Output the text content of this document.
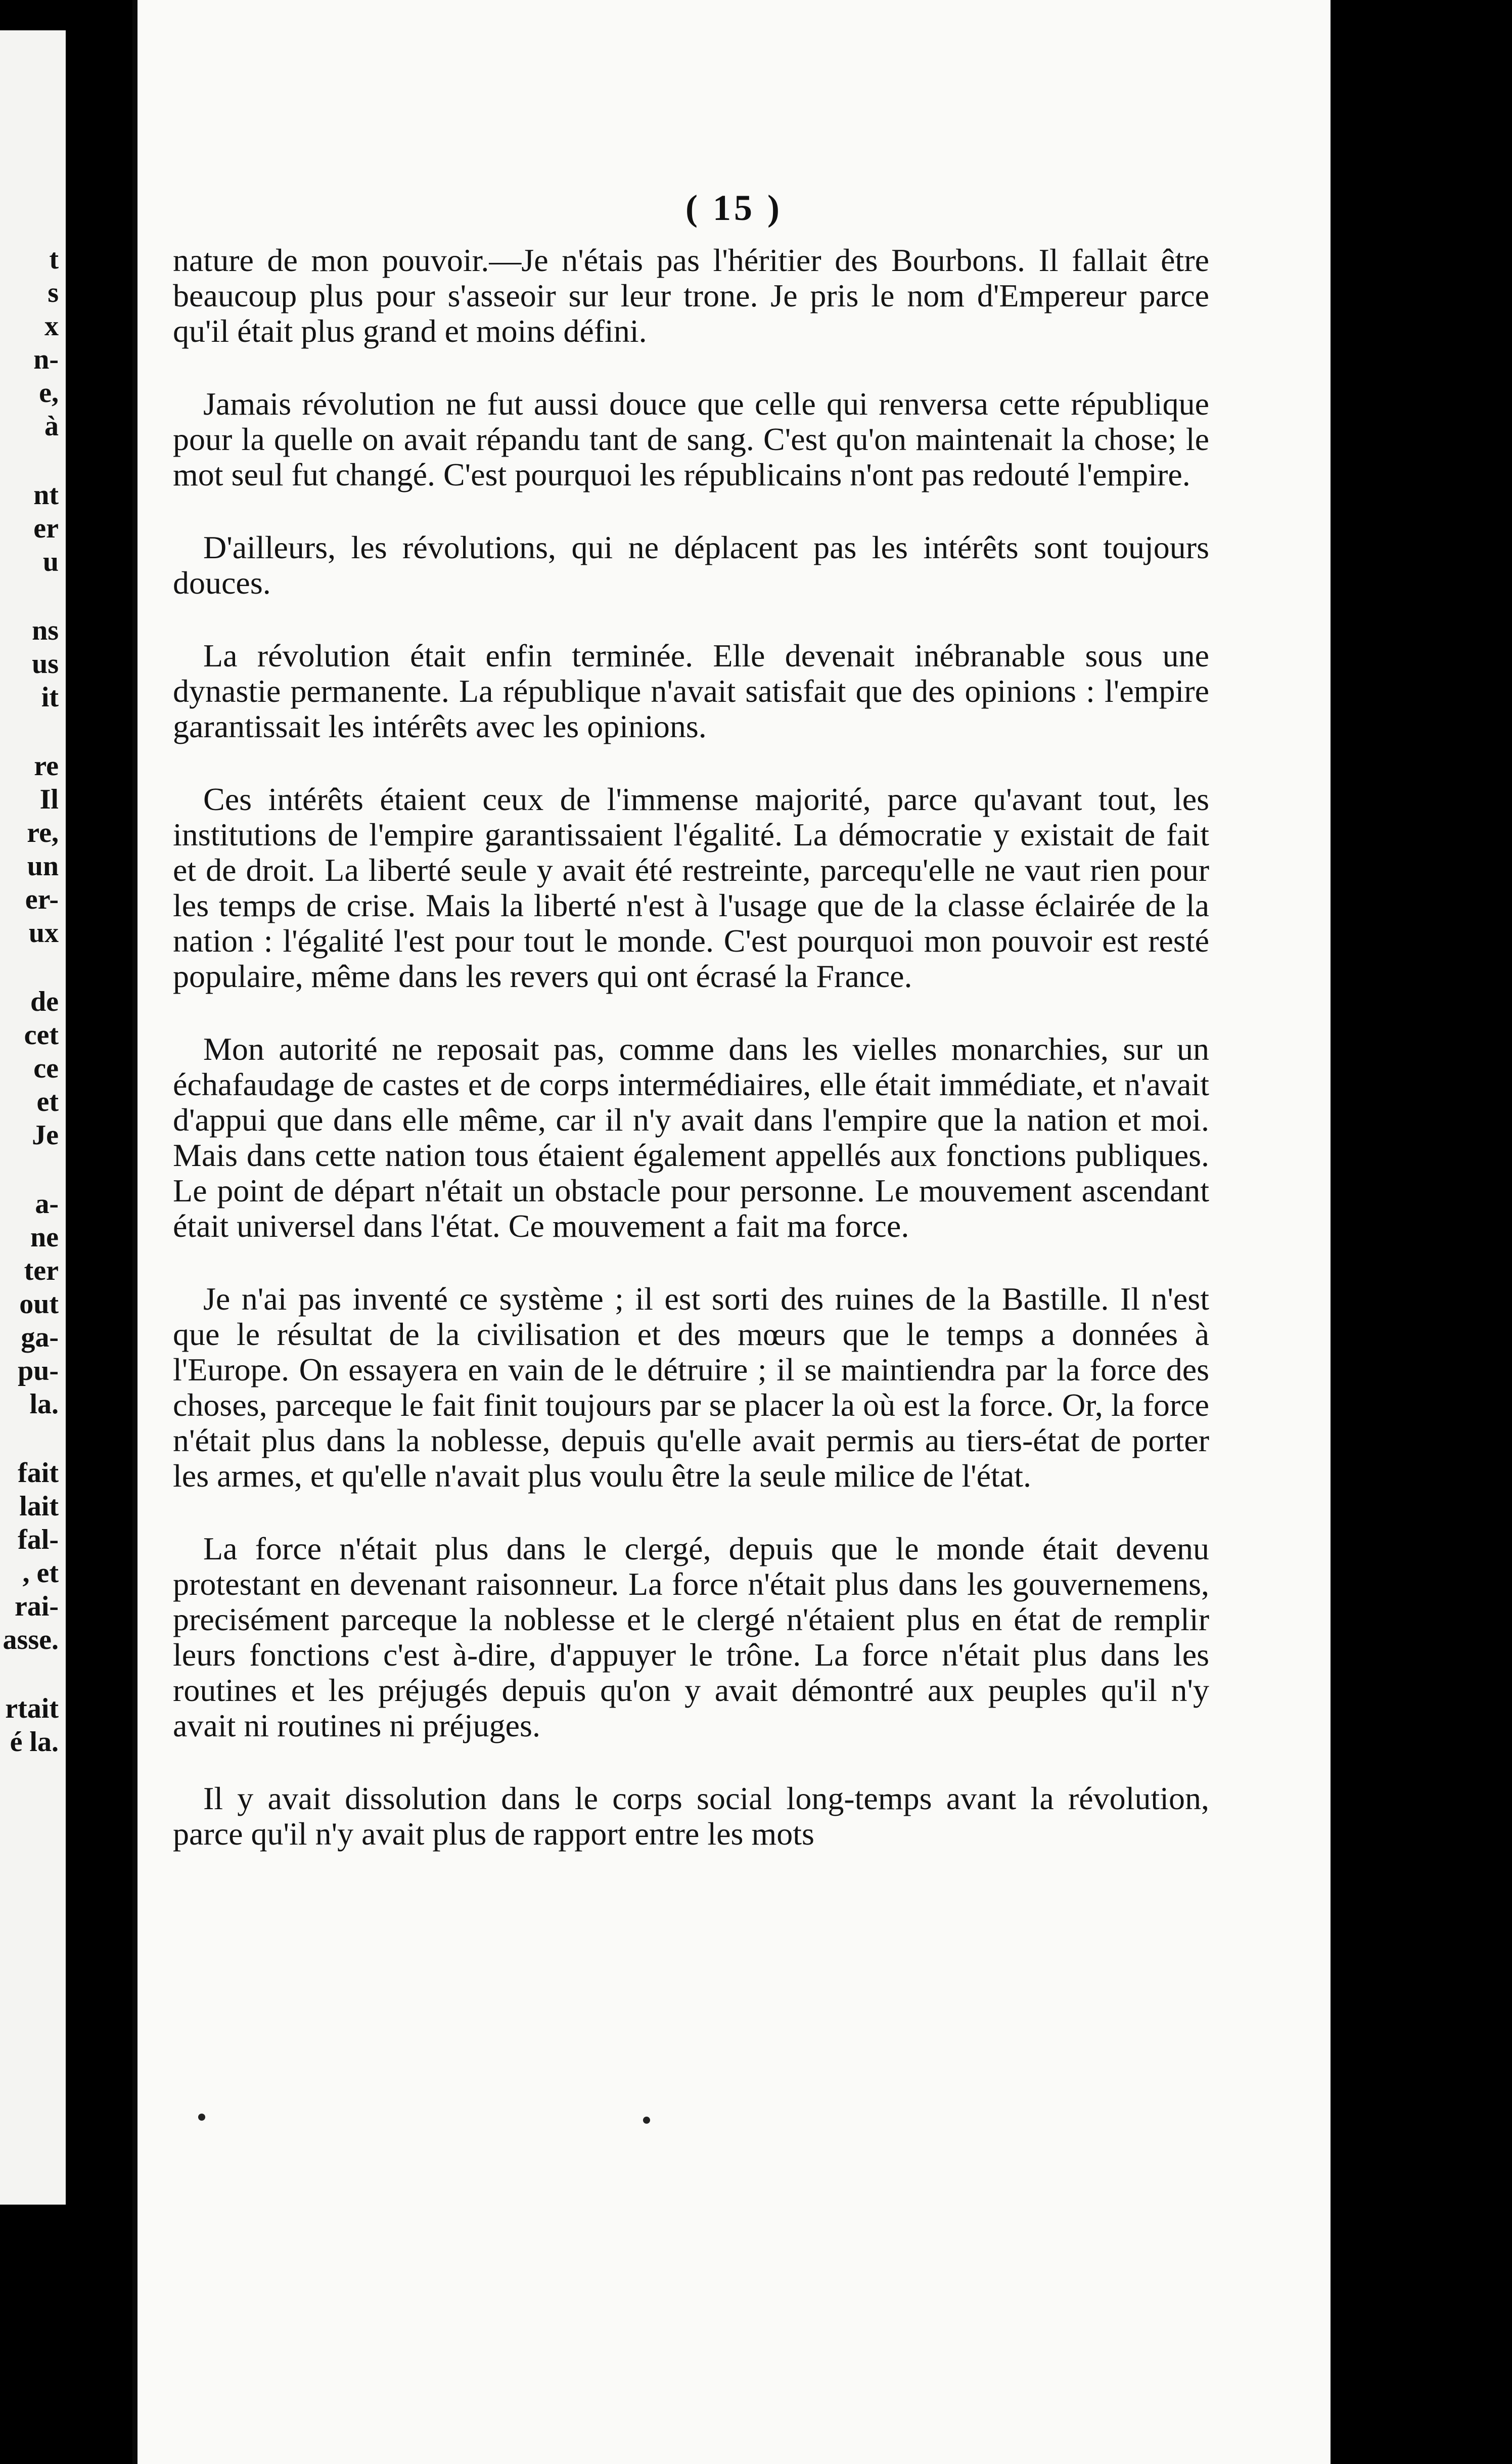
t
s
x
n-
e,
à
nt
er
u
ns
us
it
re
Il
re,
un
er-
ux
de
cet
ce
et
Je
a-
ne
ter
out
ga-
pu-
la.
fait
lait
fal-
, et
rai-
asse.
rtait
é la.
( 15 )

nature de mon pouvoir.—Je n'étais pas l'héritier des Bourbons. Il fallait être beaucoup plus pour s'asseoir sur leur trone. Je pris le nom d'Empereur parce qu'il était plus grand et moins défini.

Jamais révolution ne fut aussi douce que celle qui renversa cette république pour la quelle on avait répandu tant de sang. C'est qu'on maintenait la chose; le mot seul fut changé. C'est pourquoi les républicains n'ont pas redouté l'empire.

D'ailleurs, les révolutions, qui ne déplacent pas les intérêts sont toujours douces.

La révolution était enfin terminée. Elle devenait inébranable sous une dynastie permanente. La république n'avait satisfait que des opinions : l'empire garantissait les intérêts avec les opinions.

Ces intérêts étaient ceux de l'immense majorité, parce qu'avant tout, les institutions de l'empire garantissaient l'égalité. La démocratie y existait de fait et de droit. La liberté seule y avait été restreinte, parcequ'elle ne vaut rien pour les temps de crise. Mais la liberté n'est à l'usage que de la classe éclairée de la nation : l'égalité l'est pour tout le monde. C'est pourquoi mon pouvoir est resté populaire, même dans les revers qui ont écrasé la France.

Mon autorité ne reposait pas, comme dans les vielles monarchies, sur un échafaudage de castes et de corps intermédiaires, elle était immédiate, et n'avait d'appui que dans elle même, car il n'y avait dans l'empire que la nation et moi. Mais dans cette nation tous étaient également appellés aux fonctions publiques. Le point de départ n'était un obstacle pour personne. Le mouvement ascendant était universel dans l'état. Ce mouvement a fait ma force.

Je n'ai pas inventé ce système ; il est sorti des ruines de la Bastille. Il n'est que le résultat de la civilisation et des mœurs que le temps a données à l'Europe. On essayera en vain de le détruire ; il se maintiendra par la force des choses, parceque le fait finit toujours par se placer la où est la force. Or, la force n'était plus dans la noblesse, depuis qu'elle avait permis au tiers-état de porter les armes, et qu'elle n'avait plus voulu être la seule milice de l'état.

La force n'était plus dans le clergé, depuis que le monde était devenu protestant en devenant raisonneur. La force n'était plus dans les gouvernemens, precisément parceque la noblesse et le clergé n'étaient plus en état de remplir leurs fonctions c'est à-dire, d'appuyer le trône. La force n'était plus dans les routines et les préjugés depuis qu'on y avait démontré aux peuples qu'il n'y avait ni routines ni préjuges.

Il y avait dissolution dans le corps social long-temps avant la révolution, parce qu'il n'y avait plus de rapport entre les mots
